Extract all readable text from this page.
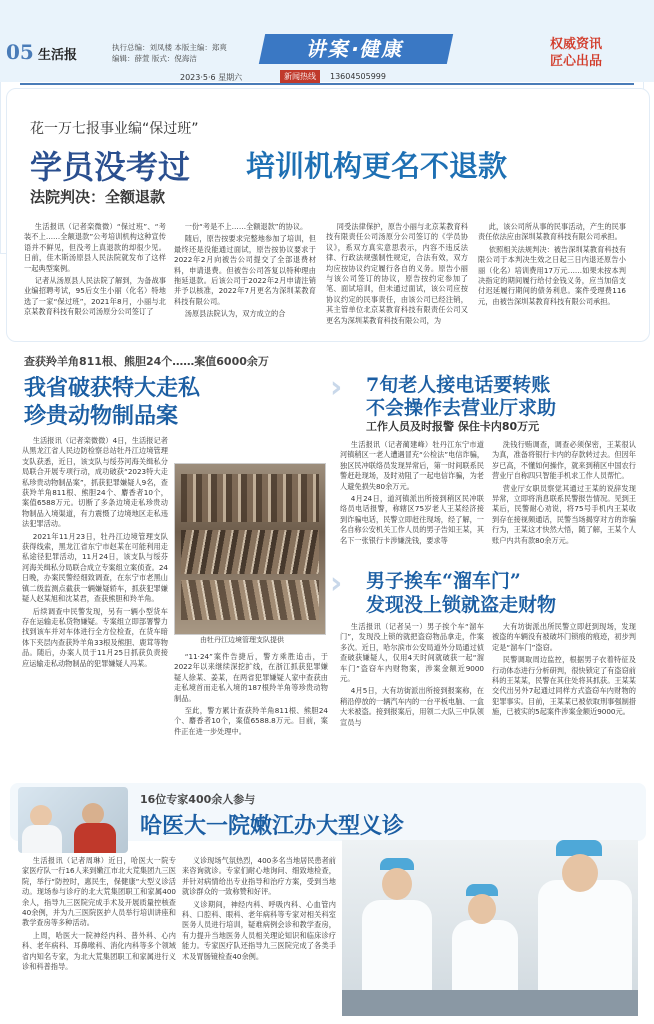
05 生活报
执行总编：刘凤楼 本版主编：郑爽
编辑：薛萱 版式：倪海洁	讲案·健康	权威资讯
匠心出品
2023·5·6 星期六	新闻热线	13604505999
花一万七报事业编“保过班”
学员没考过 培训机构更名不退款
法院判决：全额退款

生活报讯（记者栾微微）“保过班”、“考装不上……全额退款”公考培训机构这种宣传语并不鲜见，但没考上真退款的却很少见。日前，佳木斯汤原县人民法院就发布了这样一起典型案例。

记者从汤原县人民法院了解到，为备战事业编招聘考试，95后女生小丽（化名）特地选了一家“保过班”，2021年8月，小丽与北京某教育科技有限公司汤原分公司签订了

一份“考是不上……全额退款”的协议。

随后，原告按要求完整地参加了培训，但最终还是没能通过面试，原告按协议要求于2022年2月向被告公司提交了全部退费材料，申请退费。但被告公司答复以特种理由拖延退款。后该公司于2022年2月申请注销并予以核准，2022年7月更名为深圳某教育科技有限公司。

汤原县法院认为，双方成立的合

同受法律保护，原告小丽与北京某教育科技有限责任公司汤原分公司签订的《学员协议》，系双方真实意思表示，内容不违反法律、行政法规强制性规定，合法有效，双方均应按协议约定履行各自的义务。原告小丽与该公司签订的协议，原告按约定参加了笔、面试培训，但未通过面试，该公司应按协议约定的民事责任，由该公司已经注销，其主管单位北京某教育科技有限责任公司又更名为深圳某教育科技有限公司，为

此，该公司所从事的民事活动，产生的民事责任依法应由深圳某教育科技有限公司承担。

依照相关法规判决：被告深圳某教育科技有限公司于本判决生效之日起三日内退还原告小丽（化名）培训费用17万元……如果未按本判决指定的期间履行给付金钱义务，应当加倍支付迟延履行期间的债务利息。案件受理费116元，由被告深圳某教育科技有限公司承担。

查获羚羊角811根、熊胆24个……案值6000余万
我省破获特大走私
珍贵动物制品案

生活报讯（记者栾微微）4日，生活报记者从黑龙江省人民边防检察总站牡丹江边境管理支队获悉，近日，该支队与绥芬河海关缉私分局联合开展专项行动，成功破获“2023特大走私珍贵动物制品案”，抓获犯罪嫌疑人9名，查获羚羊角811根、熊胆24个、麝香者10个，案值6588万元。切断了多条边境走私珍贵动物制品入境渠道，有力震慑了边境地区走私违法犯罪活动。

2021年11月23日，牡丹江边境管理支队获得线索，黑龙江省东宁市赵某在可能利用走私途径犯罪活动，11月24日，该支队与绥芬河海关缉私分局联合成立专案组立案侦查。24日晚，办案民警经细致调查，在东宁市老黑山镇二级监测点截获一辆嫌疑轿车，抓获犯罪嫌疑人赵某旭和沈某君，查获熊胆和羚羊角。

后续调查中民警发现，另有一辆小型货车存在运输走私货物嫌疑。专案组立即部署警力找到该车并对车体进行全方位检查，在货车暗体下夹层内查获羚羊角33根及熊胆、鹿茸等物品。随后，办案人员于11月25日抓获负责接应运输走私动物制品的犯罪嫌疑人冯某。

由牡丹江边境管理支队提供

“11·24”案件告捷后，警方乘胜追击，于2022年以来继续深挖扩线，在浙江抓获犯罪嫌疑人徐某、姜某，在两省犯罪嫌疑人家中查获由走私境首而走私入境的187根羚羊角等珍贵动物制品。

至此，警方累计查获羚羊角811根、熊胆24个、麝香者10个，案值6588.8万元。目前，案件正在进一步处理中。

› 7旬老人接电话要转账
不会操作去营业厅求助
工作人员及时报警 保住卡内80万元

生活报讯（记者蔺建峰）牡丹江东宁市道河镇稍区一老人遭遇冒充“公检法”电信诈骗，独区民冲联络员发现异常后，第一时间联系民警赶赴现场，及时劝阻了一起电信诈骗，为老人避免损失80余万元。

4月24日，道河镇派出所接到稍区民冲联络员电话报警，称辖区75岁老人王某经济接到诈骗电话，民警立即赶往现场，经了解，一名自称公安机关工作人员的男子告知王某，其名下一张银行卡涉嫌洗钱，要求等

洗钱行贿调查，调查必须保密，王某很认为真，准备将银行卡内的存款转过去。但因年岁已高，不懂如何操作，就来到稍区中国农行营业厅自称四只智能手机求工作人员帮忙。

营业厅女职员察觉其通过王某的说辞发现异常，立即将消息联系民警报告情况。见到王某后，民警耐心劝说，将75号手机内王某收到存在接视频通话，民警当场揭穿对方的诈骗行为，王某这才快然大悟，随了解，王某个人账户内共有款80余万元。

› 男子挨车“溜车门”
发现没上锁就盗走财物

生活报讯（记者吴一）男子挨个车“溜车门”，发现没上锁的就把盗窃物品拿走，作案多次。近日，哈尔滨市公安局道外分局通过侦查破获嫌疑人，仅用4天时间就破获一起“溜车门”盗窃车内财物案，涉案金额近9000元。

4月5日，大有坊街派出所接到报案称，在稍沿停放的一辆汽车内的一台平板电脑、一盒大米被盗。接到报案后，用领二大队三中队领宣员与

大有坊街派出所民警立即赶到现场，发现被盗的车辆没有被破坏门锁痕的痕迹，初步判定是“溜车门”盗窃。

民警调取周边监控，根据男子衣着特征及行动体态进行分析研判，很快锁定了有盗窃前科的王某某，民警在其住处将其抓获。王某某交代出另外7起通过同样方式盗窃车内财物的犯罪事实。目前，王某某已被依取刑事强制措施，已被实的5起案件涉案金额近9000元。

16位专家400余人参与
哈医大一院嫩江办大型义诊

生活报讯（记者周琳）近日，哈医大一院专家医疗队一行16人来到嫩江市北大荒集团九三医院，举行“防控时，惠民生，保健康”大型义诊活动。现场参与诊疗的北大荒集团职工和家属400余人，指导九三医院完成手术及开展质量控核查40余例，并为九三医院医护人员举行培训讲座和教学查房等多种活动。

上周，哈医大一院神经内科、普外科、心内科、老年病科、耳鼻喉科、消化内科等多个领域省内知名专家，为北大荒集团职工和家属进行义诊和科普指导。

义诊现场气氛热烈，400多名当地居民患者前来咨询就诊。专家们耐心地询问、细致地检查，并针对病情给出专业指导和治疗方案，受到当地就诊群众的一致称赞和好评。

义诊期间，神经内科、呼吸内科、心血管内科、口腔科、眼科、老年病科等专家对相关科室医务人员进行培训，疑难病例会诊和教学查房，有力提升当地医务人员相关理论知识和临床诊疗能力。专家医疗队还指导九三医院完成了各类手术及胃肠镜检查40余例。
